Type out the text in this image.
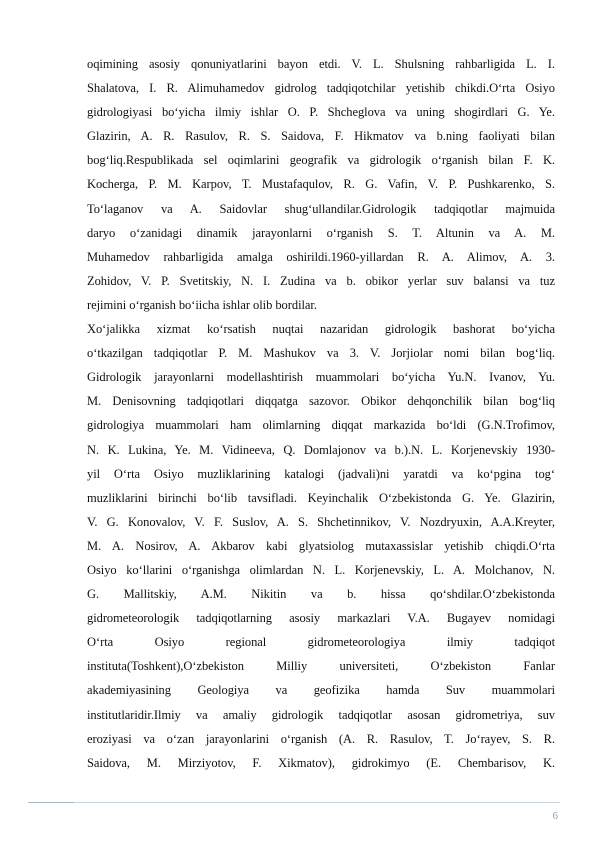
oqimining asosiy qonuniyatlarini bayon etdi. V. L. Shulsning rahbarligida L. I.
Shalatova, I. R. Alimuhamedov gidrolog tadqiqotchilar yetishib chikdi.O‘rta Osiyo
gidrologiyasi bo‘yicha ilmiy ishlar O. P. Shcheglova va uning shogirdlari G. Ye.
Glazirin, A. R. Rasulov, R. S. Saidova, F. Hikmatov va b.ning faoliyati bilan
bog‘liq.Respublikada sel oqimlarini geografik va gidrologik o‘rganish bilan F. K.
Kocherga, P. M. Karpov, T. Mustafaqulov, R. G. Vafin, V. P. Pushkarenko, S.
To‘laganov va A. Saidovlar shug‘ullandilar.Gidrologik tadqiqotlar majmuida
daryo o‘zanidagi dinamik jarayonlarni o‘rganish S. T. Altunin va A. M.
Muhamedov rahbarligida amalga oshirildi.1960-yillardan R. A. Alimov, A. 3.
Zohidov, V. P. Svetitskiy, N. I. Zudina va b. obikor yerlar suv balansi va tuz
rejimini o‘rganish bo‘iicha ishlar olib bordilar.
Xo‘jalikka xizmat ko‘rsatish nuqtai nazaridan gidrologik bashorat bo‘yicha
o‘tkazilgan tadqiqotlar P. M. Mashukov va 3. V. Jorjiolar nomi bilan bog‘liq.
Gidrologik jarayonlarni modellashtirish muammolari bo‘yicha Yu.N. Ivanov, Yu.
M. Denisovning tadqiqotlari diqqatga sazovor. Obikor dehqonchilik bilan bog‘liq
gidrologiya muammolari ham olimlarning diqqat markazida bo‘ldi (G.N.Trofimov,
N. K. Lukina, Ye. M. Vidineeva, Q. Domlajonov va b.).N. L. Korjenevskiy 1930-
yil O‘rta Osiyo muzliklarining katalogi (jadvali)ni yaratdi va ko‘pgina tog‘
muzliklarini birinchi bo‘lib tavsifladi. Keyinchalik O‘zbekistonda G. Ye. Glazirin,
V. G. Konovalov, V. F. Suslov, A. S. Shchetinnikov, V. Nozdryuxin, A.A.Kreyter,
M. A. Nosirov, A. Akbarov kabi glyatsiolog mutaxassislar yetishib chiqdi.O‘rta
Osiyo ko‘llarini o‘rganishga olimlardan N. L. Korjenevskiy, L. A. Molchanov, N.
G. Mallitskiy, A.M. Nikitin va b. hissa qo‘shdilar.O‘zbekistonda
gidrometeorologik tadqiqotlarning asosiy markazlari V.A. Bugayev nomidagi
O‘rta Osiyo regional gidrometeorologiya ilmiy tadqiqot
instituta(Toshkent),O‘zbekiston Milliy universiteti, O‘zbekiston Fanlar
akademiyasining Geologiya va geofizika hamda Suv muammolari
institutlaridir.Ilmiy va amaliy gidrologik tadqiqotlar asosan gidrometriya, suv
eroziyasi va o‘zan jarayonlarini o‘rganish (A. R. Rasulov, T. Jo‘rayev, S. R.
Saidova, M. Mirziyotov, F. Xikmatov), gidrokimyo (E. Chembarisov, K.
6
